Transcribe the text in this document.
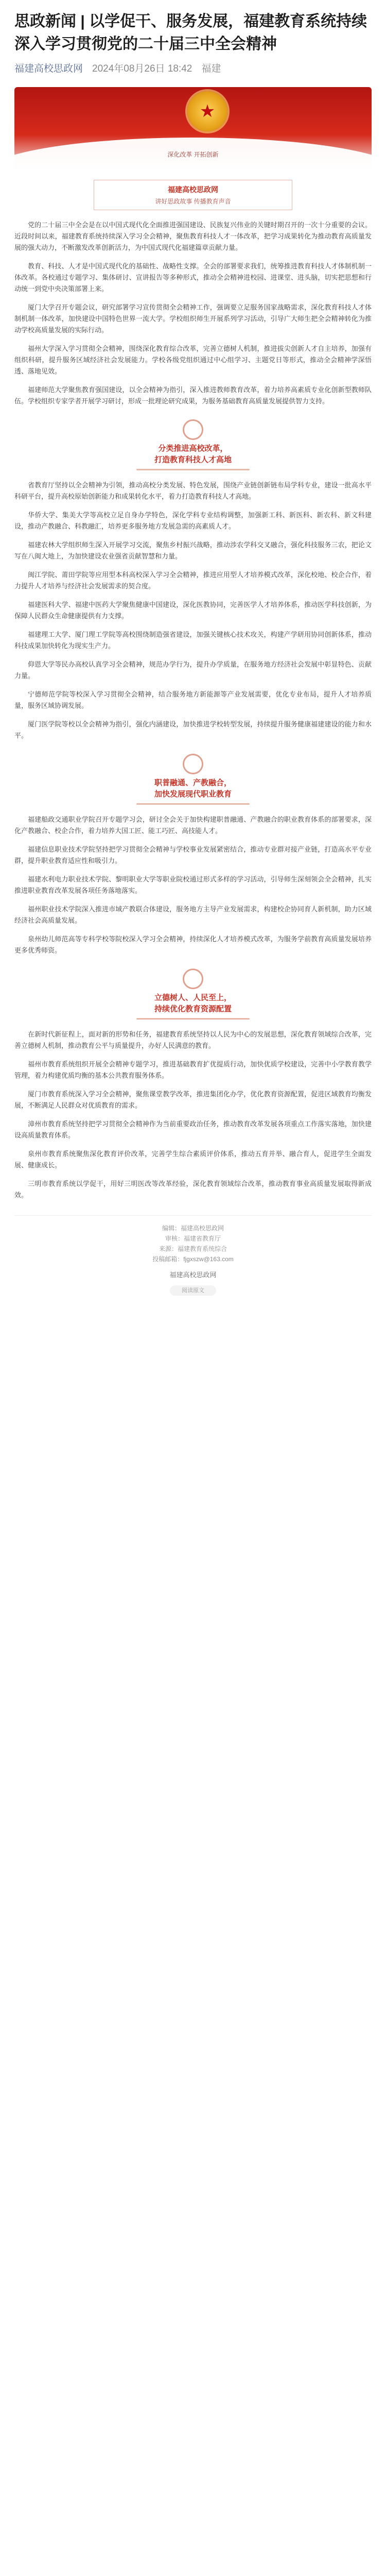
思政新闻 | 以学促干、服务发展，福建教育系统持续深入学习贯彻党的二十届三中全会精神
福建高校思政网 2024年08月26日 18:42 福建
★
深化改革 开拓创新
福建高校思政网
讲好思政故事 传播教育声音

党的二十届三中全会是在以中国式现代化全面推进强国建设、民族复兴伟业的关键时期召开的一次十分重要的会议。近段时间以来，福建教育系统持续深入学习全会精神，聚焦教育科技人才一体改革，把学习成果转化为推动教育高质量发展的强大动力，不断激发改革创新活力，为中国式现代化福建篇章贡献力量。

教育、科技、人才是中国式现代化的基础性、战略性支撑。全会的部署要求我们，统筹推进教育科技人才体制机制一体改革。各校通过专题学习、集体研讨、宣讲报告等多种形式，推动全会精神进校园、进课堂、进头脑，切实把思想和行动统一到党中央决策部署上来。

厦门大学召开专题会议，研究部署学习宣传贯彻全会精神工作，强调要立足服务国家战略需求，深化教育科技人才体制机制一体改革，加快建设中国特色世界一流大学。学校组织师生开展系列学习活动，引导广大师生把全会精神转化为推动学校高质量发展的实际行动。

福州大学深入学习贯彻全会精神，围绕深化教育综合改革，完善立德树人机制，推进拔尖创新人才自主培养，加强有组织科研，提升服务区域经济社会发展能力。学校各级党组织通过中心组学习、主题党日等形式，推动全会精神学深悟透、落地见效。

福建师范大学聚焦教育强国建设，以全会精神为指引，深入推进教师教育改革，着力培养高素质专业化创新型教师队伍。学校组织专家学者开展学习研讨，形成一批理论研究成果，为服务基础教育高质量发展提供智力支持。

分类推进高校改革，
打造教育科技人才高地

省教育厅坚持以全会精神为引领，推动高校分类发展、特色发展，围绕产业链创新链布局学科专业，建设一批高水平科研平台，提升高校原始创新能力和成果转化水平，着力打造教育科技人才高地。

华侨大学、集美大学等高校立足自身办学特色，深化学科专业结构调整，加强新工科、新医科、新农科、新文科建设，推动产教融合、科教融汇，培养更多服务地方发展急需的高素质人才。

福建农林大学组织师生深入开展学习交流，聚焦乡村振兴战略，推动涉农学科交叉融合，强化科技服务三农，把论文写在八闽大地上，为加快建设农业强省贡献智慧和力量。

闽江学院、莆田学院等应用型本科高校深入学习全会精神，推进应用型人才培养模式改革，深化校地、校企合作，着力提升人才培养与经济社会发展需求的契合度。

福建医科大学、福建中医药大学聚焦健康中国建设，深化医教协同，完善医学人才培养体系，推动医学科技创新，为保障人民群众生命健康提供有力支撑。

福建理工大学、厦门理工学院等高校围绕制造强省建设，加强关键核心技术攻关，构建产学研用协同创新体系，推动科技成果加快转化为现实生产力。

仰恩大学等民办高校认真学习全会精神，规范办学行为，提升办学质量，在服务地方经济社会发展中彰显特色、贡献力量。

宁德师范学院等校深入学习贯彻全会精神，结合服务地方新能源等产业发展需要，优化专业布局，提升人才培养质量，服务区域协调发展。

厦门医学院等校以全会精神为指引，强化内涵建设，加快推进学校转型发展，持续提升服务健康福建建设的能力和水平。

职普融通、产教融合，
加快发展现代职业教育

福建船政交通职业学院召开专题学习会，研讨全会关于加快构建职普融通、产教融合的职业教育体系的部署要求，深化产教融合、校企合作，着力培养大国工匠、能工巧匠、高技能人才。

福建信息职业技术学院坚持把学习贯彻全会精神与学校事业发展紧密结合，推动专业群对接产业链，打造高水平专业群，提升职业教育适应性和吸引力。

福建水利电力职业技术学院、黎明职业大学等职业院校通过形式多样的学习活动，引导师生深刻领会全会精神，扎实推进职业教育改革发展各项任务落地落实。

福州职业技术学院深入推进市域产教联合体建设，服务地方主导产业发展需求，构建校企协同育人新机制，助力区域经济社会高质量发展。

泉州幼儿师范高等专科学校等院校深入学习全会精神，持续深化人才培养模式改革，为服务学前教育高质量发展培养更多优秀师资。

立德树人、人民至上，
持续优化教育资源配置

在新时代新征程上，面对新的形势和任务，福建教育系统坚持以人民为中心的发展思想，深化教育领域综合改革，完善立德树人机制，推动教育公平与质量提升，办好人民满意的教育。

福州市教育系统组织开展全会精神专题学习，推进基础教育扩优提质行动，加快优质学校建设，完善中小学教育教学管理，着力构建优质均衡的基本公共教育服务体系。

厦门市教育系统深入学习全会精神，聚焦课堂教学改革，推进集团化办学，优化教育资源配置，促进区域教育均衡发展，不断满足人民群众对优质教育的需求。

漳州市教育系统坚持把学习贯彻全会精神作为当前重要政治任务，推动教育改革发展各项重点工作落实落地，加快建设高质量教育体系。

泉州市教育系统聚焦深化教育评价改革，完善学生综合素质评价体系，推动五育并举、融合育人，促进学生全面发展、健康成长。

三明市教育系统以学促干，用好三明医改等改革经验，深化教育领域综合改革，推动教育事业高质量发展取得新成效。

编辑：福建高校思政网
审核：福建省教育厅
来源：福建教育系统综合
投稿邮箱：fjgxszw@163.com
福建高校思政网
阅读原文
